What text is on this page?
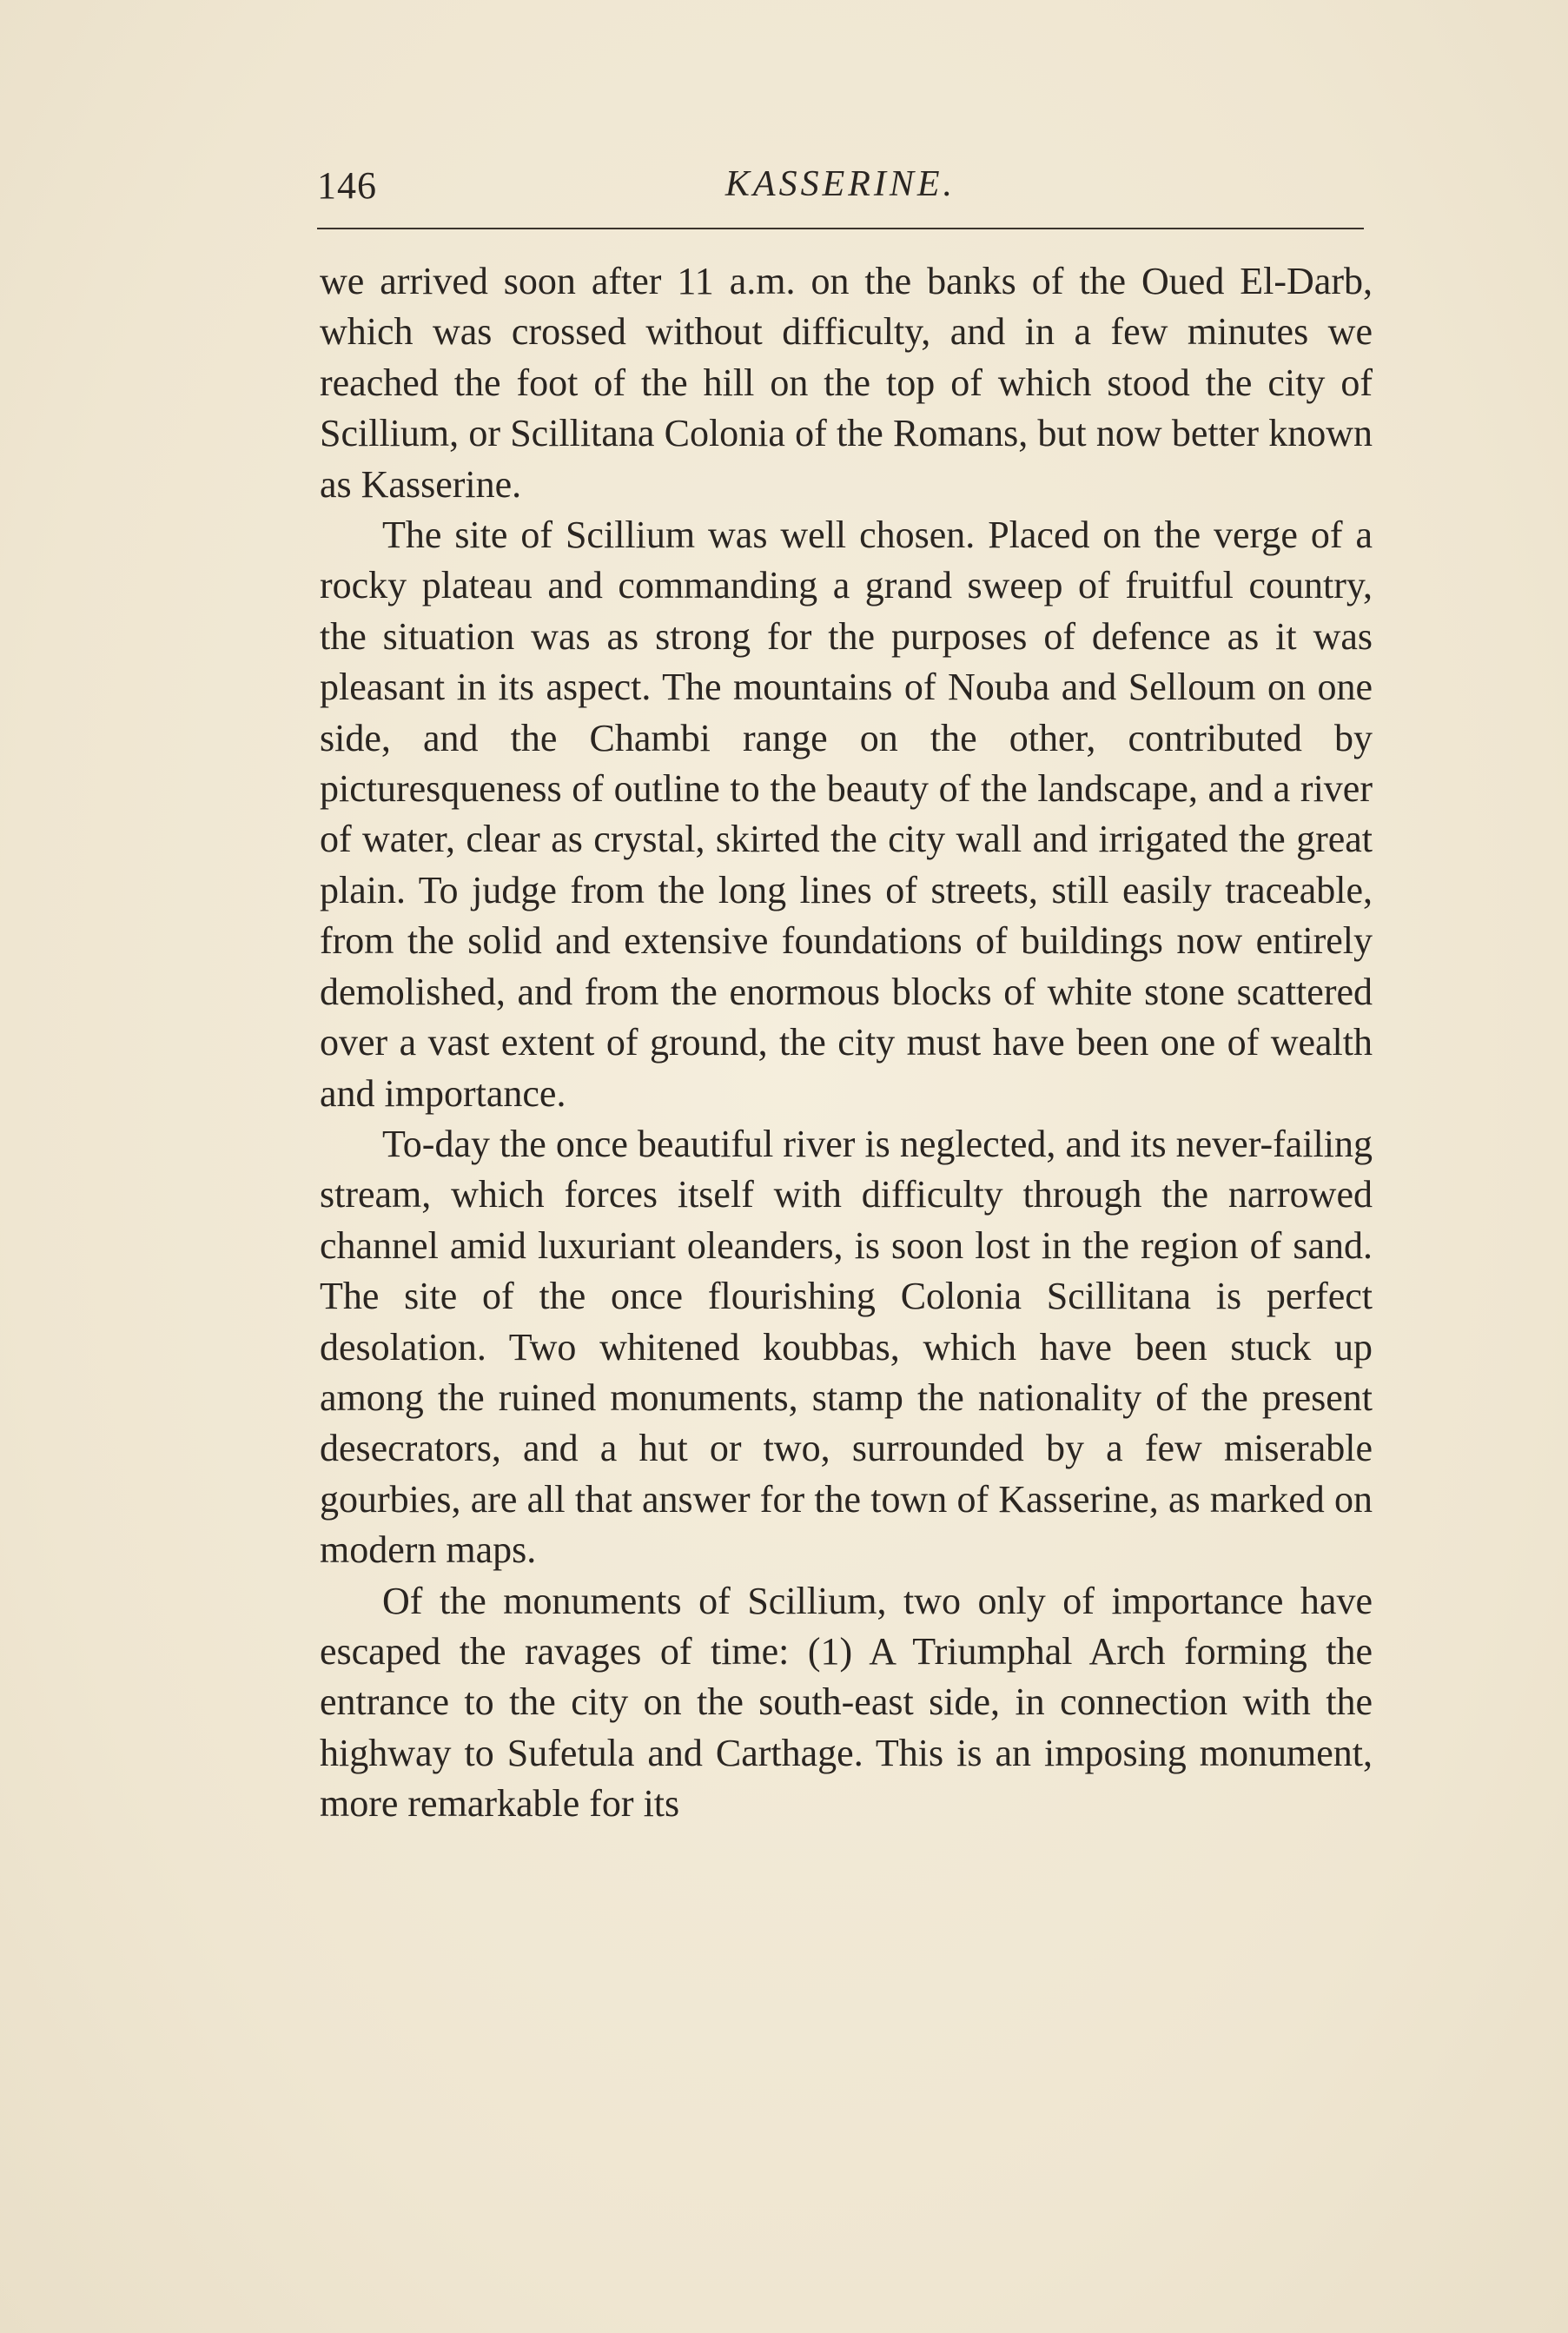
146	KASSERINE.

we arrived soon after 11 a.m. on the banks of the Oued El-Darb, which was crossed without difficulty, and in a few minutes we reached the foot of the hill on the top of which stood the city of Scillium, or Scillitana Colonia of the Romans, but now better known as Kasserine.

The site of Scillium was well chosen. Placed on the verge of a rocky plateau and commanding a grand sweep of fruitful country, the situation was as strong for the purposes of defence as it was pleasant in its aspect. The mountains of Nouba and Selloum on one side, and the Chambi range on the other, contributed by picturesqueness of outline to the beauty of the landscape, and a river of water, clear as crystal, skirted the city wall and irrigated the great plain. To judge from the long lines of streets, still easily traceable, from the solid and extensive foundations of buildings now entirely demolished, and from the enormous blocks of white stone scattered over a vast extent of ground, the city must have been one of wealth and importance.

To-day the once beautiful river is neglected, and its never-failing stream, which forces itself with difficulty through the narrowed channel amid luxuriant oleanders, is soon lost in the region of sand. The site of the once flourishing Colonia Scillitana is perfect desolation. Two whitened koubbas, which have been stuck up among the ruined monuments, stamp the nationality of the present desecrators, and a hut or two, surrounded by a few miserable gourbies, are all that answer for the town of Kasserine, as marked on modern maps.

Of the monuments of Scillium, two only of importance have escaped the ravages of time: (1) A Triumphal Arch forming the entrance to the city on the south-east side, in connection with the highway to Sufetula and Carthage. This is an imposing monument, more remarkable for its
